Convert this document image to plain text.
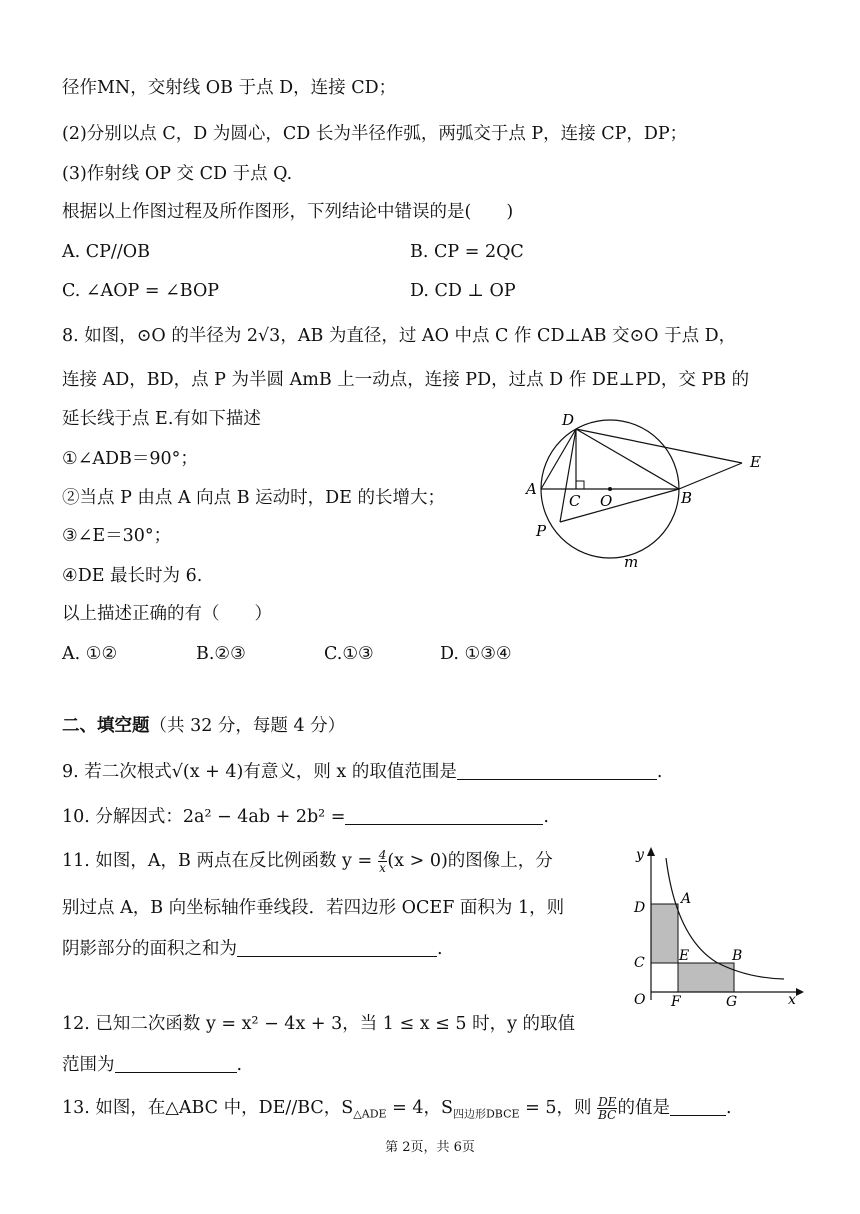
径作MN，交射线 OB 于点 D，连接 CD；
(2)分别以点 C，D 为圆心，CD 长为半径作弧，两弧交于点 P，连接 CP，DP；
(3)作射线 OP 交 CD 于点 Q.
根据以上作图过程及所作图形，下列结论中错误的是(　　)
A. CP//OB	B. CP = 2QC
C. ∠AOP = ∠BOP	D. CD ⊥ OP
8. 如图，⊙O 的半径为 2√3，AB 为直径，过 AO 中点 C 作 CD⊥AB 交⊙O 于点 D，
连接 AD，BD，点 P 为半圆 AmB 上一动点，连接 PD，过点 D 作 DE⊥PD，交 PB 的
延长线于点 E.有如下描述
①∠ADB＝90°；
②当点 P 由点 A 向点 B 运动时，DE 的长增大；
③∠E＝30°；
④DE 最长时为 6.
以上描述正确的有（　　）
A. ①②	B.②③	C.①③	D. ①③④
D
E
A
C O	B
P
m
二、填空题（共 32 分，每题 4 分）
9. 若二次根式√(x + 4)有意义，则 x 的取值范围是	.
10. 分解因式：2a² − 4ab + 2b² =	.
11. 如图，A，B 两点在反比例函数 $y = \frac{4}{x} (x > 0)$的图像上，分
别过点 A，B 向坐标轴作垂线段．若四边形 OCEF 面积为 1，则
阴影部分的面积之和为	.
y
A
D
C E	B
O F	G	x
12. 已知二次函数 y = x² − 4x + 3，当 1 ≤ x ≤ 5 时，y 的取值
范围为	.
13. 如图，在△ABC 中，DE//BC，$S_{\triangle ADE} = 4$，$S_{四边形DBCE} = 5$，则 $\frac{DE}{BC}$ 的值是	.
第 2页，共 6页
